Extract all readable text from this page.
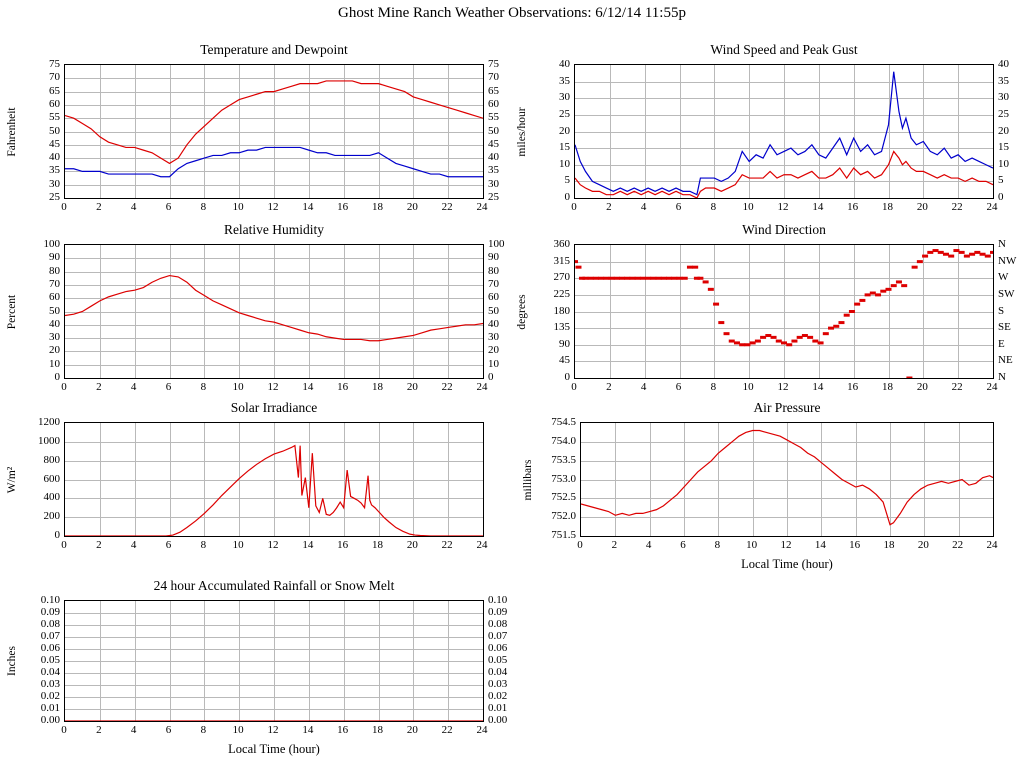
Ghost Mine Ranch Weather Observations: 6/12/14 11:55p
Temperature and Dewpoint
0	2	4	6	8 10 12 14 16 18 20 22 24
25
30
35
40
45
50
55
60
65
70
75
25
30
35
40
45
50
55
60
65
70
75
Fahrenheit
Wind Speed and Peak Gust
0	2	4	6	8 10 12 14 16 18 20 22 24
0
5
10
15
20
25
30
35
40
0
5
10
15
20
25
30
35
40
miles/hour
Relative Humidity
0	2	4	6	8 10 12 14 16 18 20 22 24
0
10
20
30
40
50
60
70
80
90
100
0
10
20
30
40
50
60
70
80
90
100
Percent
Wind Direction
0	2	4	6	8 10 12 14 16 18 20 22 24
0
45
90
135
180
225
270
315
360
N
NE
E
SE
S
SW
W
NW
N
degrees
Solar Irradiance
0	2	4	6	8 10 12 14 16 18 20 22 24
0
200
400
600
800
1000
1200
W/m²
Air Pressure
0	2	4	6	8 10 12 14 16 18 20 22 24
751.5
752.0
752.5
753.0
753.5
754.0
754.5
millibars
Local Time (hour)
24 hour Accumulated Rainfall or Snow Melt
0	2	4	6	8 10 12 14 16 18 20 22 24
0.00
0.01
0.02
0.03
0.04
0.05
0.06
0.07
0.08
0.09
0.10
0.00
0.01
0.02
0.03
0.04
0.05
0.06
0.07
0.08
0.09
0.10
Inches
Local Time (hour)
